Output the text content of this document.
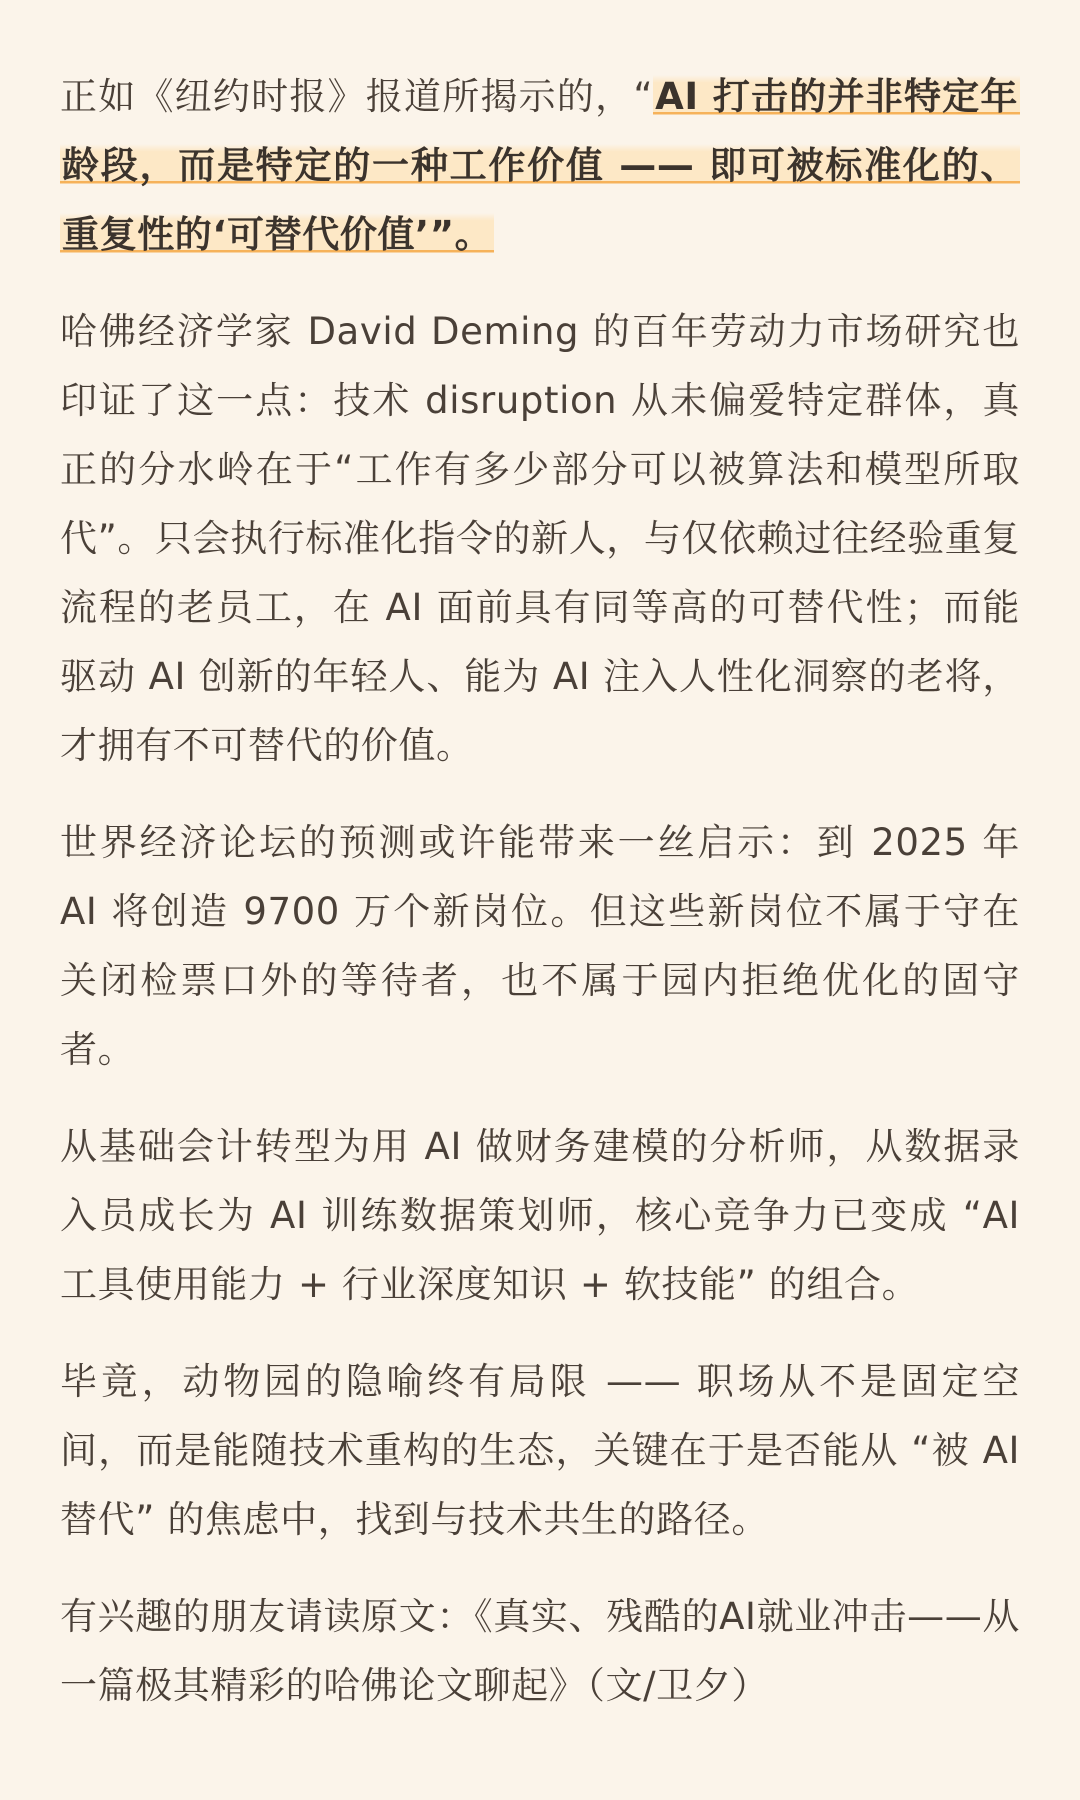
正如《纽约时报》报道所揭示的，“AI 打击的并非特定年龄段，而是特定的一种工作价值 —— 即可被标准化的、重复性的‘可替代价值’”。

哈佛经济学家 David Deming 的百年劳动力市场研究也印证了这一点：技术 disruption 从未偏爱特定群体，真正的分水岭在于“工作有多少部分可以被算法和模型所取代”。只会执行标准化指令的新人，与仅依赖过往经验重复流程的老员工，在 AI 面前具有同等高的可替代性；而能驱动 AI 创新的年轻人、能为 AI 注入人性化洞察的老将，才拥有不可替代的价值。

世界经济论坛的预测或许能带来一丝启示：到 2025 年 AI 将创造 9700 万个新岗位。但这些新岗位不属于守在关闭检票口外的等待者，也不属于园内拒绝优化的固守者。

从基础会计转型为用 AI 做财务建模的分析师，从数据录入员成长为 AI 训练数据策划师，核心竞争力已变成 “AI 工具使用能力 + 行业深度知识 + 软技能” 的组合。

毕竟，动物园的隐喻终有局限 —— 职场从不是固定空间，而是能随技术重构的生态，关键在于是否能从 “被 AI 替代” 的焦虑中，找到与技术共生的路径。

有兴趣的朋友请读原文：《真实、残酷的AI就业冲击——从一篇极其精彩的哈佛论文聊起》（文/卫夕）
